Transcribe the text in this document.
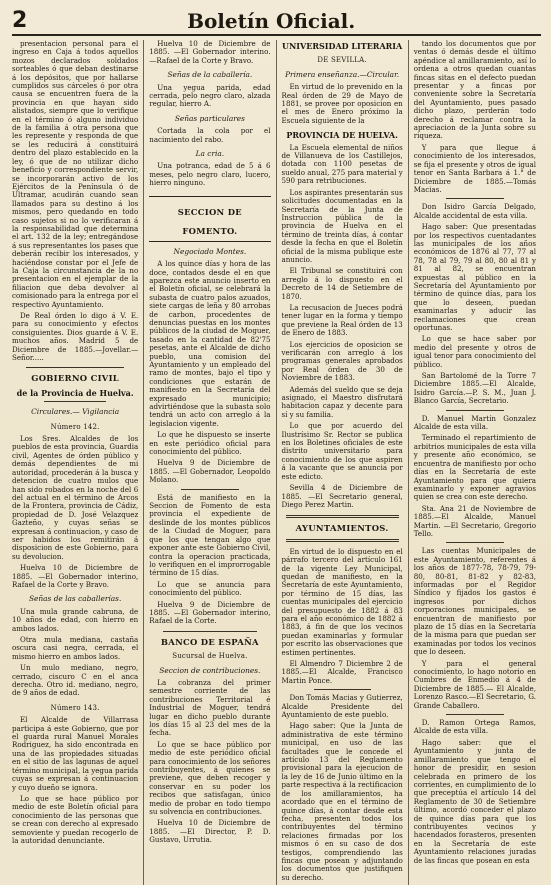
2	Boletín Oficial.

presentacion personal para el ingreso en Caja á todos aquellos mozos declarados soldados sorteables ó que deban destinarse á los depósitos, que por hallarse cumplidos sus cárceles ó por otra causa se encuentren fuera de la provincia en que hayan sido alistados, siempre que lo verifique en el término ó alguno individuo de la familia á otra persona que les represente y responda de que se les reducirá á constituirá dentro del plazo establecido en la ley, ó que de no utilizar dicho beneficio y correspondiente servir, se incorporarán activo de los Ejércitos de la Península ó de Ultramar, acudirán cuando sean llamados para su destino á los mismos, pero quedando en todo caso sujetos si no lo verificaran á la responsabilidad que determina el art. 132 de la ley; entregándose á sus representantes los pases que deberán recibir los interesados, y haciéndose constar por el Jefe de la Caja la circunstancia de la no presentacion en el ejemplar de la filiacion que deba devolver al comisionado para la entrega por el respectivo Ayuntamiento.

De Real órden lo digo á V. E. para su conocimiento y efectos consiguientes. Dios guarde á V. E. muchos años. Madrid 5 de Diciembre de 1885.—Jovellar.—Señor.....

GOBIERNO CIVIL

de la Provincia de Huelva.

Circulares.— Vigilancia

Número 142.

Los Sres. Alcaldes de los pueblos de esta provincia, Guardia civil, Agentes de órden público y demás dependientes de mi autoridad, procederán á la busca y detencion de cuatro mulos que han sido robados en la noche del 6 del actual en el término de Arcos de la Frontera, provincia de Cádiz, propiedad de D. José Velazquez Gazteño, y cuyas señas se expresan á continuacion, y caso de ser habidos los remitirán á disposicion de este Gobierno, para su devolucion.

Huelva 10 de Diciembre de 1885. —El Gobernador interino, Rafael de la Corte y Bravo.

Señas de las caballerías.

Una mula grande cabruna, de 10 años de edad, con hierro en ambos lados.

Otra mula mediana, castaña oscura casi negra, cerrada, el mismo hierro en ambos lados.

Un mulo mediano, negro, cerrado, ciscuro C en el anca derecha. Otro id. mediano, negro, de 9 años de edad.

Número 143.

El Alcalde de Villarrasa participa á este Gobierno, que por el guarda rural Manuel Morales Rodriguez, ha sido encontrada en una de las propiedades situadas en el sitio de las lagunas de aquel término municipal, la yegua parida cuyas se expresan á continuacion y cuyo dueño se ignora.

Lo que se hace público por medio de este Boletín oficial para conocimiento de las personas que se crean con derecho al expresado semoviente y puedan recogerlo de la autoridad denunciante.

Huelva 10 de Diciembre de 1885. —El Gobernador interino.—Rafael de la Corte y Bravo.

Señas de la caballería.

Una yegua parida, edad cerrada, pelo negro claro, alzada regular, hierro A.

Señas particulares

Cortada la cola por el nacimiento del rabo.

La cria.

Una potranca, edad de 5 á 6 meses, pelo negro claro, lucero, hierro ninguno.

SECCION DE FOMENTO.

Negociado Montes.

A los quince días y hora de las doce, contados desde el en que aparezca este anuncio inserto en el Boletín oficial, se celebrará la subasta de cuatro palos azuados, siete cargas de leña y 80 arrobas de carbon, procedentes de denuncias puestas en los montes públicos de la ciudad de Moguer, tasado en la cantidad de 82'75 pesetas, ante el Alcalde de dicho pueblo, una comision del Ayuntamiento y un empleado del ramo de montes, bajo el tipo y condiciones que estarán de manifiesto en la Secretaría del expresado municipio; advirtiéndose que la subasta solo tendrá un acto con arreglo á la legislacion vigente.

Lo que he dispuesto se inserte en este periódico oficial para conocimiento del público.

Huelva 9 de Diciembre de 1885. —El Gobernador, Leopoldo Molano.

Está de manifiesto en la Seccion de Fomento de esta provincia el expediente de deslinde de los montes públicos de la Ciudad de Moguer, para que los que tengan algo que exponer ante este Gobierno Civil, contra la operacion practicada, lo verifiquen en el improrrogable término de 15 días.

Lo que se anuncia para conocimiento del público.

Huelva 9 de Diciembre de 1885. —El Gobernador interino, Rafael de la Corte.

BANCO DE ESPAÑA

Sucursal de Huelva.

Seccion de contribuciones.

La cobranza del primer semestre corriente de las contribuciones Territorial é Industrial de Moguer, tendrá lugar en dicho pueblo durante los días 15 al 23 del mes de la fecha.

Lo que se hace público por medio de este periódico oficial para conocimiento de los señores contribuyentes, á quienes se previene, que deben recoger y conservar en su poder los recibos que satisfagan, único medio de probar en todo tiempo su solvencia en contribuciones.

Huelva 10 de Diciembre de 1885. —El Director, P. D. Gustavo, Urrutia.

UNIVERSIDAD LITERARIA

DE SEVILLA.

Primera enseñanza.—Circular.

En virtud de lo prevenido en la Real órden de 29 de Mayo de 1881, se provee por oposicion en el mes de Enero próximo la Escuela siguiente de la

PROVINCIA DE HUELVA.

La Escuela elemental de niños de Villanueva de los Castillejos, dotada con 1100 pesetas de sueldo anual, 275 para material y 590 para retribuciones.

Los aspirantes presentarán sus solicitudes documentadas en la Secretaría de la Junta de Instruccion pública de la provincia de Huelva en el término de treinta días, á contar desde la fecha en que el Boletín oficial de la misma publique este anuncio.

El Tribunal se constituirá con arreglo á lo dispuesto en el Decreto de 14 de Setiembre de 1870.

La recusacion de Jueces podrá tener lugar en la forma y tiempo que previene la Real órden de 13 de Enero de 1883.

Los ejercicios de oposicion se verificarán con arreglo á los programas generales aprobados por Real órden de 30 de Noviembre de 1883.

Además del sueldo que se deja asignado, el Maestro disfrutará habitacion capaz y decente para sí y su familia.

Lo que por acuerdo del Ilustrísimo Sr. Rector se publica en los Boletines oficiales de este distrito universitario para conocimiento de los que aspiren á la vacante que se anuncia por este edicto.

Sevilla 4 de Diciembre de 1885. —El Secretario general, Diego Perez Martin.

AYUNTAMIENTOS.

En virtud de lo dispuesto en el párrafo tercero del artículo 161 de la vigente Ley Municipal, quedan de manifiesto, en la Secretaría de este Ayuntamiento, por término de 15 días, las cuentas municipales del ejercicio del presupuesto de 1882 á 83 para el año económico de 1882 á 1883, á fin de que los vecinos puedan examinarlas y formular por escrito las observaciones que estimen pertinentes.

El Almendro 7 Diciembre 2 de 1885.—El Alcalde, Francisco Martin Ponce.

Don Tomás Macias y Gutierrez, Alcalde Presidente del Ayuntamiento de este pueblo.

Hago saber: Que la Junta de administrativa de este término municipal, en uso de las facultades que le concede el artículo 13 del Reglamento provisional para la ejecucion de la ley de 16 de Junio último en la parte respectiva á la rectificacion de los amillaramientos, ha acordado que en el término de quince días, á contar desde esta fecha, presenten todos los contribuyentes del término relaciones firmadas por los mismos ó en su caso de dos testigos, comprendiendo las fincas que posean y adjuntando los documentos que justifiquen su derecho.

tando los documentos que por ventas ó demás desde el último apéndice al amillaramiento, así lo ordena a otros quedan cuantas fincas sitas en el defecto puedan presentar y a fincas por conveniente sobre la Secretaría del Ayuntamiento, pues pasado dicho plazo, perderán todo derecho á reclamar contra la apreciacion de la Junta sobre su riqueza.

Y para que llegue á conocimiento de los interesados, se fija el presente y otros de igual tenor en Santa Barbara á 1.° de Diciembre de 1885.—Tomás Macias.

Don Isidro García Delgado, Alcalde accidental de esta villa.

Hago saber: Que presentadas por los respectivos cuentadantes las municipales de los años económicos de 1876 al 77, 77 al 78, 78 al 79, 79 al 80, 80 al 81 y 81 al 82, se encuentran expuestas al público en la Secretaría del Ayuntamiento por término de quince días, para los que lo deseen, puedan examinarlas y aducir las reclamaciones que crean oportunas.

Lo que se hace saber por medio del presente y otros de igual tenor para conocimiento del público.

San Bartolomé de la Torre 7 Diciembre 1885.—El Alcalde, Isidro García.—P. S. M., Juan J. Blanco García, Secretario.

D. Manuel Martín Gonzalez Alcalde de esta villa.

Terminado el repartimiento de arbitrios municipales de esta villa y presente año económico, se encuentra de manifiesto por ocho días en la Secretaría de este Ayuntamiento para que quiera examinarlo y exponer agravios quien se crea con este derecho.

Sta. Ana 21 de Noviembre de 1885.—El Alcalde, Manuel Martin. —El Secretario, Gregorio Tello.

Las cuentas Municipales de este Ayuntamiento, referentes á los años de 1877-78, 78-79, 79-80, 80-81, 81-82 y 82-83, informadas por el Regidor Síndico y fijados los gastos é ingresos por dichos corporaciones municipales, se encuentran de manifiesto por plazo de 15 días en la Secretaría de la misma para que puedan ser examinadas por todos los vecinos que lo deseen.

Y para el general conocimiento, lo hago notorio en Cumbres de Enmedio á 4 de Diciembre de 1885.— El Alcalde, Lorenzo Rasco.—El Secretario, G. Grande Caballero.

D. Ramon Ortega Ramos, Alcalde de esta villa.

Hago saber: que el Ayuntamiento y junta de amillaramiento que tengo el honor de presidir, en sesion celebrada en primero de los corrientes, en cumplimiento de lo que preceptúa el artículo 14 del Reglamento de 30 de Setiembre último, acordó conceder el plazo de quince días para que los contribuyentes vecinos y hacendados forasteros, presenten en la Secretaría de este Ayuntamiento relaciones juradas de las fincas que posean en esta
